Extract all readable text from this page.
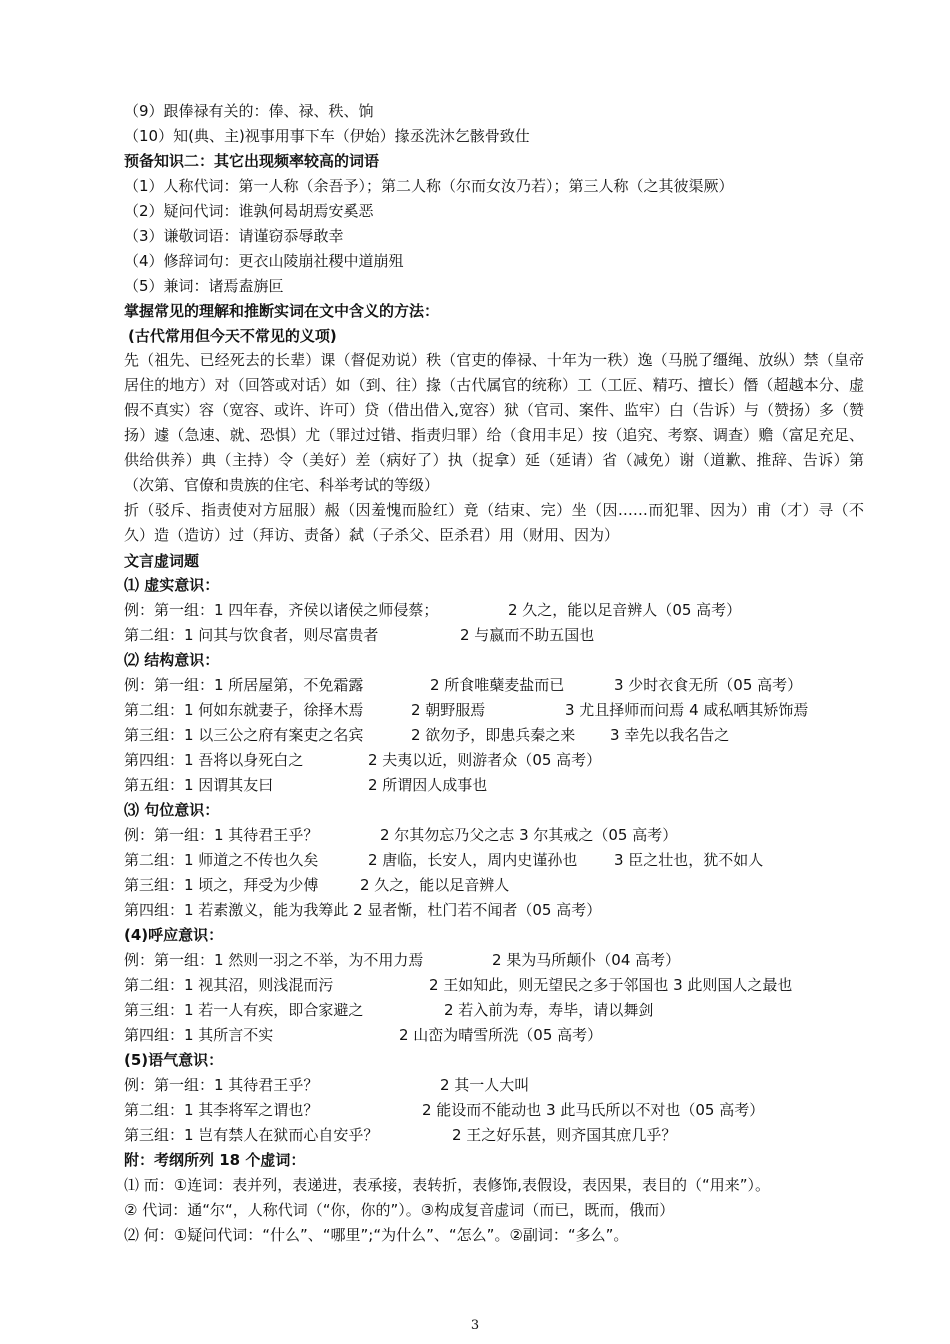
（9）跟俸禄有关的：俸、禄、秩、饷
（10）知(典、主)视事用事下车（伊始）掾丞洗沐乞骸骨致仕
预备知识二：其它出现频率较高的词语
（1）人称代词：第一人称（余吾予）；第二人称（尔而女汝乃若）；第三人称（之其彼渠厥）
（2）疑问代词：谁孰何曷胡焉安奚恶
（3）谦敬词语：请谨窃忝辱敢幸
（4）修辞词句：更衣山陵崩社稷中道崩殂
（5）兼词：诸焉盍旃叵
掌握常见的理解和推断实词在文中含义的方法：
(古代常用但今天不常见的义项)
先（祖先、已经死去的长辈）课（督促劝说）秩（官吏的俸禄、十年为一秩）逸（马脱了缰绳、放纵）禁（皇帝居住的地方）对（回答或对话）如（到、往）掾（古代属官的统称）工（工匠、精巧、擅长）僭（超越本分、虚假不真实）容（宽容、或许、许可）贷（借出借入,宽容）狱（官司、案件、监牢）白（告诉）与（赞扬）多（赞扬）遽（急速、就、恐惧）尤（罪过过错、指责归罪）给（食用丰足）按（追究、考察、调查）赡（富足充足、供给供养）典（主持）令（美好）差（病好了）执（捉拿）延（延请）省（减免）谢（道歉、推辞、告诉）第（次第、官僚和贵族的住宅、科举考试的等级）
折（驳斥、指责使对方屈服）赧（因羞愧而脸红）竟（结束、完）坐（因……而犯罪、因为）甫（才）寻（不久）造（造访）过（拜访、责备）弑（子杀父、臣杀君）用（财用、因为）
文言虚词题
⑴ 虚实意识：
例：第一组：1 四年春，齐侯以诸侯之师侵蔡；	2 久之，能以足音辨人（05 高考）
第二组：1 问其与饮食者，则尽富贵者	2 与嬴而不助五国也
⑵ 结构意识：
例：第一组：1 所居屋第，不免霜露	2 所食唯蘖麦盐而已	3 少时衣食无所（05 高考）
第二组：1 何如东就妻子，徐择木焉	2 朝野服焉	3 尤且择师而问焉 4 咸私哂其矫饰焉
第三组：1 以三公之府有案吏之名宾	2 欲勿予，即患兵秦之来 3 幸先以我名告之
第四组：1 吾将以身死白之	2 夫夷以近，则游者众（05 高考）
第五组：1 因谓其友曰	2 所谓因人成事也
⑶ 句位意识：
例：第一组：1 其待君王乎？	2 尔其勿忘乃父之志 3 尔其戒之（05 高考）
第二组：1 师道之不传也久矣	2 唐临，长安人，周内史谨孙也 3 臣之壮也，犹不如人
第三组：1 顷之，拜受为少傅	2 久之，能以足音辨人
第四组：1 若素激义，能为我筹此 2 显者惭，杜门若不闻者（05 高考）
(4)呼应意识：
例：第一组：1 然则一羽之不举，为不用力焉	2 果为马所颠仆（04 高考）
第二组：1 视其沼，则浅混而污	2 王如知此，则无望民之多于邻国也 3 此则国人之最也
第三组：1 若一人有疾，即合家避之	2 若入前为寿，寿毕，请以舞剑
第四组：1 其所言不实	2 山峦为晴雪所洗（05 高考）
(5)语气意识：
例：第一组：1 其待君王乎？	2 其一人大叫
第二组：1 其李将军之谓也？	2 能设而不能动也 3 此马氏所以不对也（05 高考）
第三组：1 岂有禁人在狱而心自安乎？	2 王之好乐甚，则齐国其庶几乎？
附：考纲所列 18 个虚词：
⑴ 而：①连词：表并列，表递进，表承接，表转折，表修饰,表假设，表因果，表目的（“用来”）。
② 代词：通“尔“，人称代词（“你，你的”）。③构成复音虚词（而已，既而，俄而）
⑵ 何：①疑问代词：“什么”、“哪里”;“为什么”、“怎么”。②副词：“多么”。
3
